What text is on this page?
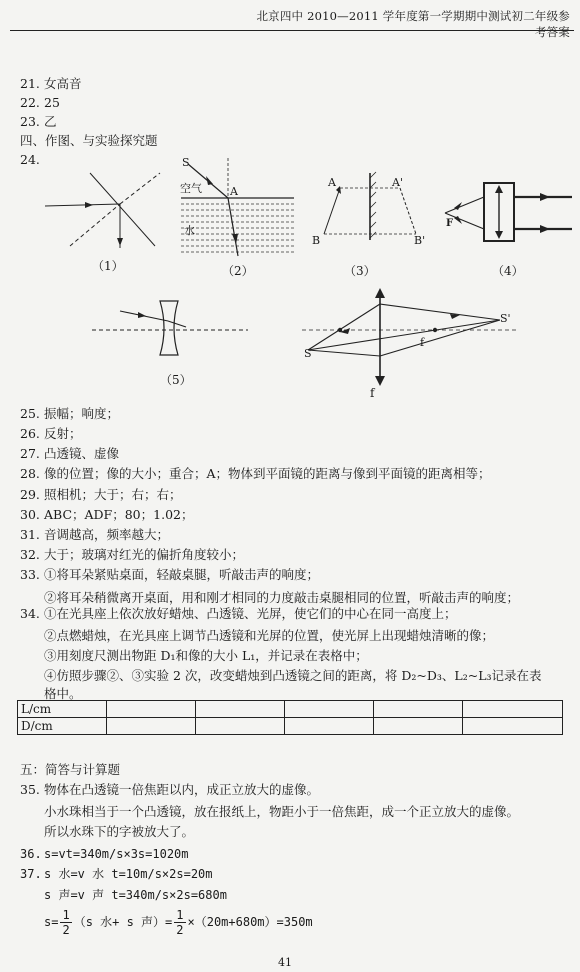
北京四中 2010—2011 学年度第一学期期中测试初二年级参考答案
21. 女高音
22. 25
23. 乙
四、作图、与实验探究题
24.
（1）
S
空气	A
水
（2）
A	A'
B	B'
（3）
F
（4）
（5）
S
S'
f
f
25. 振幅；响度；
26. 反射；
27. 凸透镜、虚像
28. 像的位置；像的大小；重合；A；物体到平面镜的距离与像到平面镜的距离相等；
29. 照相机；大于；右；右；
30. ABC；ADF；80；1.02；
31. 音调越高，频率越大；
32. 大于；玻璃对红光的偏折角度较小；
33. ①将耳朵紧贴桌面，轻敲桌腿，听敲击声的响度；
②将耳朵稍微离开桌面，用和刚才相同的力度敲击桌腿相同的位置，听敲击声的响度；
34. ①在光具座上依次放好蜡烛、凸透镜、光屏，使它们的中心在同一高度上；
②点燃蜡烛，在光具座上调节凸透镜和光屏的位置，使光屏上出现蜡烛清晰的像；
③用刻度尺测出物距 D₁和像的大小 L₁，并记录在表格中；
④仿照步骤②、③实验 2 次，改变蜡烛到凸透镜之间的距离，将 D₂~D₃、L₂~L₃记录在表
格中。
L/cm					
D/cm					
五：简答与计算题
35. 物体在凸透镜一倍焦距以内，成正立放大的虚像。
小水珠相当于一个凸透镜，放在报纸上，物距小于一倍焦距，成一个正立放大的虚像。
所以水珠下的字被放大了。
36. s=vt=340m/s×3s=1020m
37. s 水=v 水 t=10m/s×2s=20m
s 声=v 声 t=340m/s×2s=680m
$s= \frac{1}{2} (s$ 水+ s 声）= $\frac{1}{2} \times(20m+680m)=350m$
41
